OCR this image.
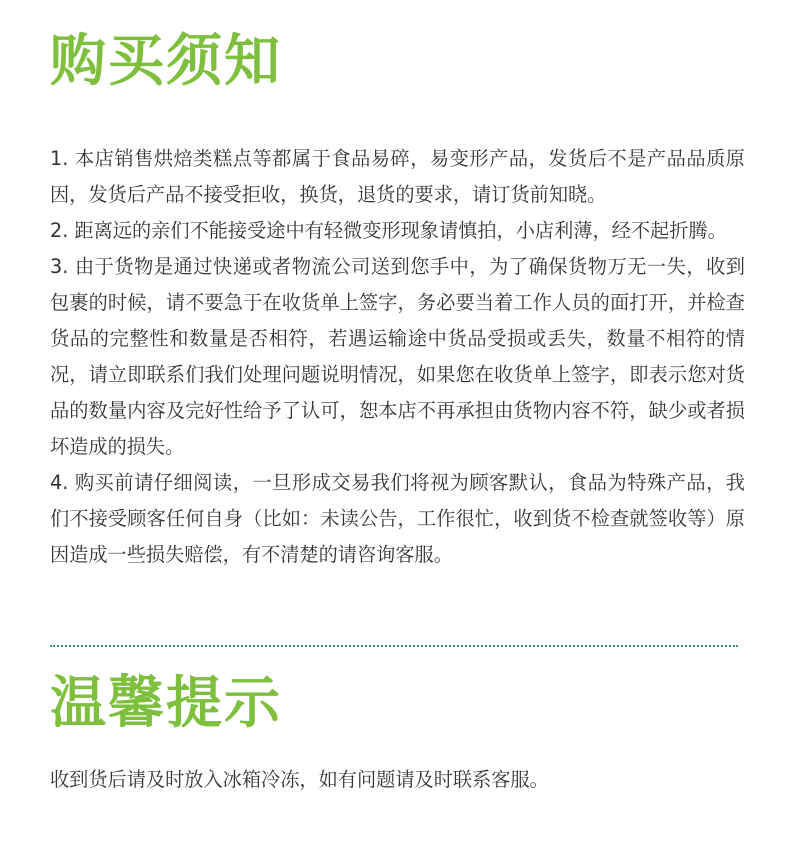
购买须知
1. 本店销售烘焙类糕点等都属于食品易碎，易变形产品，发货后不是产品品质原因，发货后产品不接受拒收，换货，退货的要求，请订货前知晓。
2. 距离远的亲们不能接受途中有轻微变形现象请慎拍，小店利薄，经不起折腾。
3. 由于货物是通过快递或者物流公司送到您手中，为了确保货物万无一失，收到包裹的时候，请不要急于在收货单上签字，务必要当着工作人员的面打开，并检查货品的完整性和数量是否相符，若遇运输途中货品受损或丢失，数量不相符的情况，请立即联系们我们处理问题说明情况，如果您在收货单上签字，即表示您对货品的数量内容及完好性给予了认可，恕本店不再承担由货物内容不符，缺少或者损坏造成的损失。
4. 购买前请仔细阅读，一旦形成交易我们将视为顾客默认，食品为特殊产品，我们不接受顾客任何自身（比如：未读公告，工作很忙，收到货不检查就签收等）原因造成一些损失赔偿，有不清楚的请咨询客服。
温馨提示

收到货后请及时放入冰箱冷冻，如有问题请及时联系客服。
